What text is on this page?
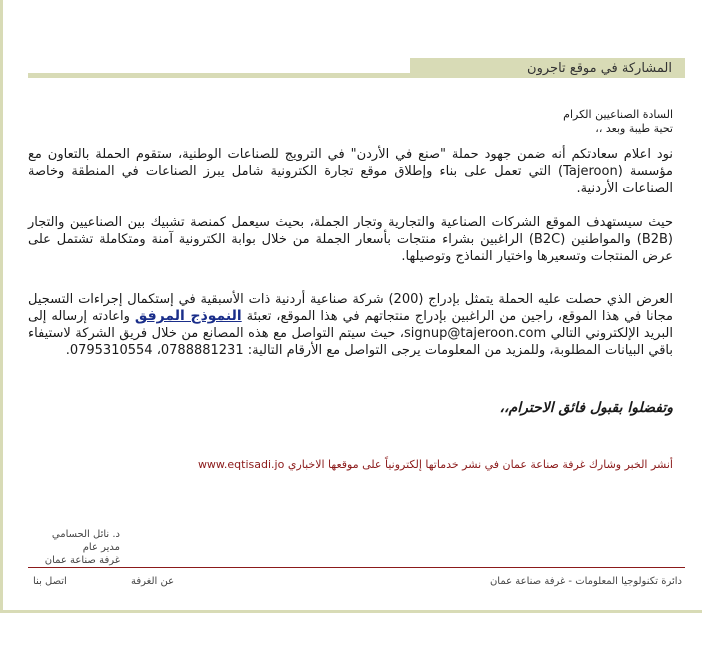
المشاركة في موقع تاجرون
السادة الصناعيين الكرام
تحية طيبة وبعد ،،
نود اعلام سعادتكم أنه ضمن جهود حملة "صنع في الأردن" في الترويج للصناعات الوطنية، ستقوم الحملة بالتعاون مع مؤسسة (Tajeroon) التي تعمل على بناء وإطلاق موقع تجارة الكترونية شامل يبرز الصناعات في المنطقة وخاصة الصناعات الأردنية.
حيث سيستهدف الموقع الشركات الصناعية والتجارية وتجار الجملة، بحيث سيعمل كمنصة تشبيك بين الصناعيين والتجار (B2B) والمواطنين (B2C) الراغبين بشراء منتجات بأسعار الجملة من خلال بوابة الكترونية آمنة ومتكاملة تشتمل على عرض المنتجات وتسعيرها واختيار النماذج وتوصيلها.
العرض الذي حصلت عليه الحملة يتمثل بإدراج (200) شركة صناعية أردنية ذات الأسبقية في إستكمال إجراءات التسجيل مجانا في هذا الموقع، راجين من الراغبين بإدراج منتجاتهم في هذا الموقع، تعبئة النموذج المرفق واعادته إرساله إلى البريد الإلكتروني التالي signup@tajeroon.com، حيث سيتم التواصل مع هذه المصانع من خلال فريق الشركة لاستيفاء باقي البيانات المطلوبة، وللمزيد من المعلومات يرجى التواصل مع الأرقام التالية: 0788881231، 0795310554.
وتفضلوا بقبول فائق الاحترام،،
أنشر الخبر وشارك غرفة صناعة عمان في نشر خدماتها إلكترونياً على موقعها الاخباري www.eqtisadi.jo
د. نائل الحسامي
مدير عام
غرفة صناعة عمان
اتصل بنا	عن الغرفة	دائرة تكنولوجيا المعلومات - غرفة صناعة عمان
